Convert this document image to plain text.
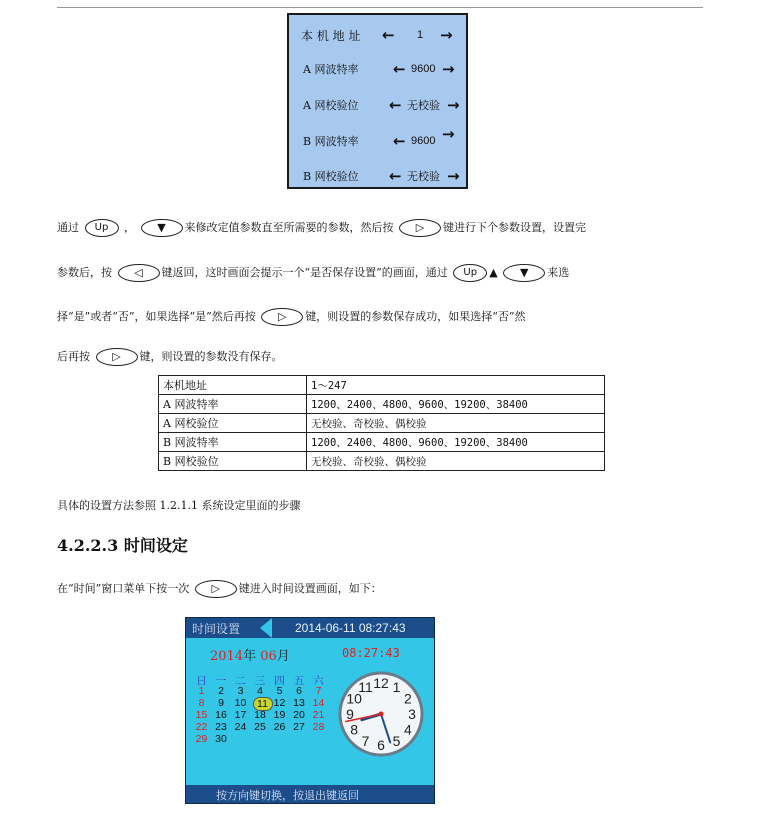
本 机 地 址 ← 1 →
A 网波特率 ← 9600 →
A 网校验位 ← 无校验 →
B 网波特率 ← 9600 →
B 网校验位 ← 无校验 →
通过 Up ， ▼ 来修改定值参数直至所需要的参数，然后按 ▷ 键进行下个参数设置，设置完
参数后，按 ◁ 键返回，这时画面会提示一个“是否保存设置”的画面，通过 Up ▲ ▼ 来选
择“是”或者“否”，如果选择“是”然后再按 ▷ 键，则设置的参数保存成功，如果选择“否”然
后再按 ▷ 键，则设置的参数没有保存。
本机地址	1～247
A 网波特率	1200、2400、4800、9600、19200、38400
A 网校验位	无校验、奇校验、偶校验
B 网波特率	1200、2400、4800、9600、19200、38400
B 网校验位	无校验、奇校验、偶校验
具体的设置方法参照 1.2.1.1 系统设定里面的步骤
4.2.2.3 时间设定
在“时间”窗口菜单下按一次 ▷ 键进入时间设置画面，如下：
时间设置	2014-06-11 08:27:43
2014年 06月	08:27:43
日 一 二 三 四 五 六
1	2	3	4	5	6	7
8	9	10	11 12 13 14
15 16 17 18 19 20 21
22 23 24 25 26 27 28
29 30
12 1
2
3
4
5
6
7
8
9
10
11
按方向键切换，按退出键返回
